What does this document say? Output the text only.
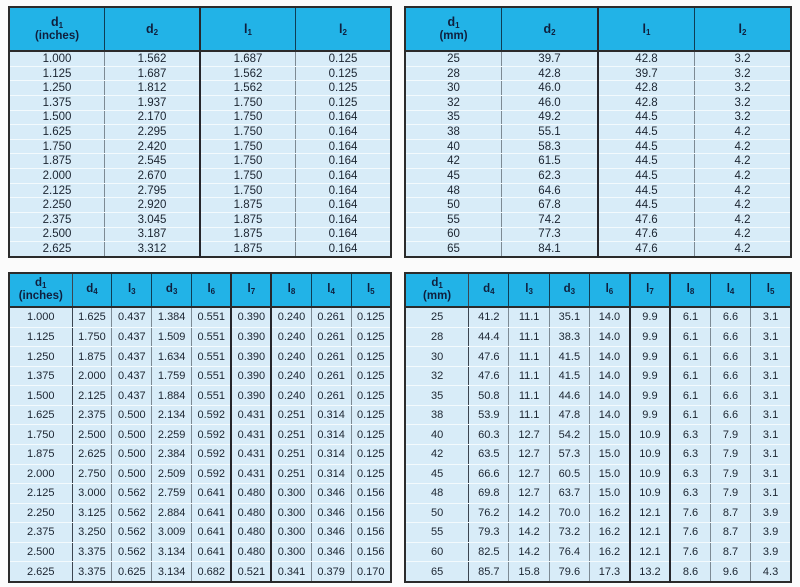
$d_1$
(inches)	$d_2$	$l_1$	$l_2$
1.000	1.562	1.687	0.125
1.125	1.687	1.562	0.125
1.250	1.812	1.562	0.125
1.375	1.937	1.750	0.125
1.500	2.170	1.750	0.164
1.625	2.295	1.750	0.164
1.750	2.420	1.750	0.164
1.875	2.545	1.750	0.164
2.000	2.670	1.750	0.164
2.125	2.795	1.750	0.164
2.250	2.920	1.875	0.164
2.375	3.045	1.875	0.164
2.500	3.187	1.875	0.164
2.625	3.312	1.875	0.164
$d_1$
(mm)	$d_2$	$l_1$	$l_2$
25	39.7	42.8	3.2
28	42.8	39.7	3.2
30	46.0	42.8	3.2
32	46.0	42.8	3.2
35	49.2	44.5	3.2
38	55.1	44.5	4.2
40	58.3	44.5	4.2
42	61.5	44.5	4.2
45	62.3	44.5	4.2
48	64.6	44.5	4.2
50	67.8	44.5	4.2
55	74.2	47.6	4.2
60	77.3	47.6	4.2
65	84.1	47.6	4.2
$d_1$
(inches)	$d_4$	$l_3$	$d_3$	$l_6$	$l_7$	$l_8$	$l_4$	$l_5$
1.000	1.625	0.437	1.384	0.551	0.390	0.240	0.261	0.125
1.125	1.750	0.437	1.509	0.551	0.390	0.240	0.261	0.125
1.250	1.875	0.437	1.634	0.551	0.390	0.240	0.261	0.125
1.375	2.000	0.437	1.759	0.551	0.390	0.240	0.261	0.125
1.500	2.125	0.437	1.884	0.551	0.390	0.240	0.261	0.125
1.625	2.375	0.500	2.134	0.592	0.431	0.251	0.314	0.125
1.750	2.500	0.500	2.259	0.592	0.431	0.251	0.314	0.125
1.875	2.625	0.500	2.384	0.592	0.431	0.251	0.314	0.125
2.000	2.750	0.500	2.509	0.592	0.431	0.251	0.314	0.125
2.125	3.000	0.562	2.759	0.641	0.480	0.300	0.346	0.156
2.250	3.125	0.562	2.884	0.641	0.480	0.300	0.346	0.156
2.375	3.250	0.562	3.009	0.641	0.480	0.300	0.346	0.156
2.500	3.375	0.562	3.134	0.641	0.480	0.300	0.346	0.156
2.625	3.375	0.625	3.134	0.682	0.521	0.341	0.379	0.170
$d_1$
(mm)	$d_4$	$l_3$	$d_3$	$l_6$	$l_7$	$l_8$	$l_4$	$l_5$
25	41.2	11.1	35.1	14.0	9.9	6.1	6.6	3.1
28	44.4	11.1	38.3	14.0	9.9	6.1	6.6	3.1
30	47.6	11.1	41.5	14.0	9.9	6.1	6.6	3.1
32	47.6	11.1	41.5	14.0	9.9	6.1	6.6	3.1
35	50.8	11.1	44.6	14.0	9.9	6.1	6.6	3.1
38	53.9	11.1	47.8	14.0	9.9	6.1	6.6	3.1
40	60.3	12.7	54.2	15.0	10.9	6.3	7.9	3.1
42	63.5	12.7	57.3	15.0	10.9	6.3	7.9	3.1
45	66.6	12.7	60.5	15.0	10.9	6.3	7.9	3.1
48	69.8	12.7	63.7	15.0	10.9	6.3	7.9	3.1
50	76.2	14.2	70.0	16.2	12.1	7.6	8.7	3.9
55	79.3	14.2	73.2	16.2	12.1	7.6	8.7	3.9
60	82.5	14.2	76.4	16.2	12.1	7.6	8.7	3.9
65	85.7	15.8	79.6	17.3	13.2	8.6	9.6	4.3
